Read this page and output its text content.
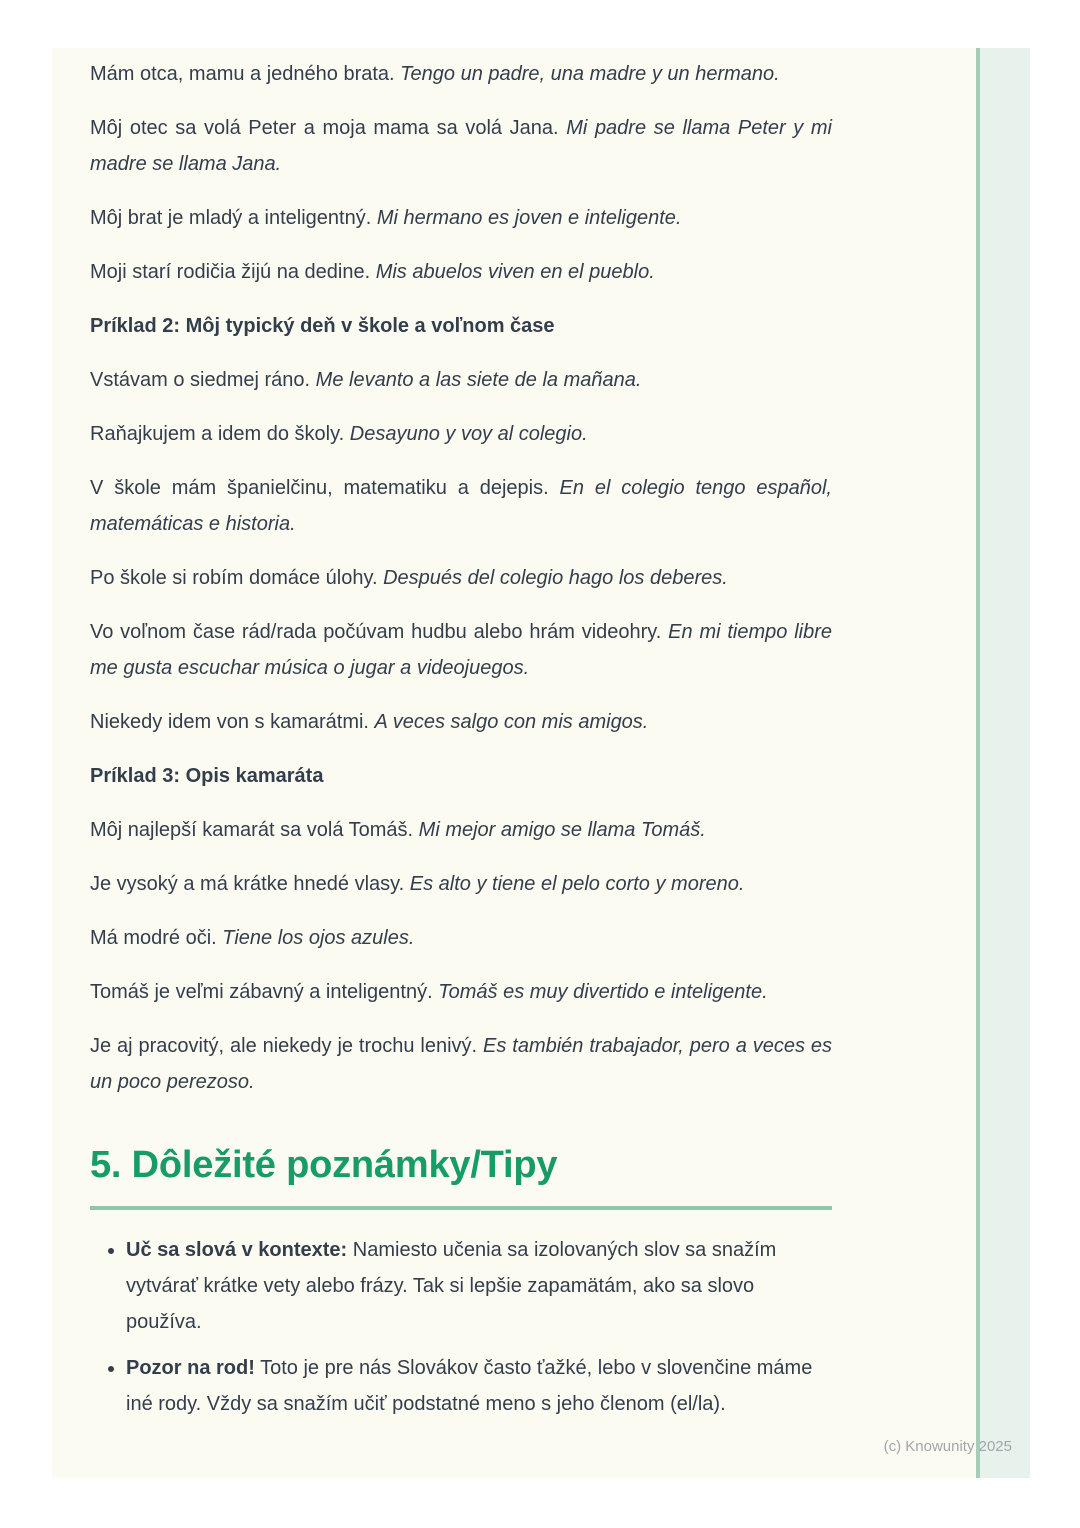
Mám otca, mamu a jedného brata. Tengo un padre, una madre y un hermano.

Môj otec sa volá Peter a moja mama sa volá Jana. Mi padre se llama Peter y mi madre se llama Jana.

Môj brat je mladý a inteligentný. Mi hermano es joven e inteligente.

Moji starí rodičia žijú na dedine. Mis abuelos viven en el pueblo.

Príklad 2: Môj typický deň v škole a voľnom čase

Vstávam o siedmej ráno. Me levanto a las siete de la mañana.

Raňajkujem a idem do školy. Desayuno y voy al colegio.

V škole mám španielčinu, matematiku a dejepis. En el colegio tengo español, matemáticas e historia.

Po škole si robím domáce úlohy. Después del colegio hago los deberes.

Vo voľnom čase rád/rada počúvam hudbu alebo hrám videohry. En mi tiempo libre me gusta escuchar música o jugar a videojuegos.

Niekedy idem von s kamarátmi. A veces salgo con mis amigos.

Príklad 3: Opis kamaráta

Môj najlepší kamarát sa volá Tomáš. Mi mejor amigo se llama Tomáš.

Je vysoký a má krátke hnedé vlasy. Es alto y tiene el pelo corto y moreno.

Má modré oči. Tiene los ojos azules.

Tomáš je veľmi zábavný a inteligentný. Tomáš es muy divertido e inteligente.

Je aj pracovitý, ale niekedy je trochu lenivý. Es también trabajador, pero a veces es un poco perezoso.

5. Dôležité poznámky/Tipy
• Uč sa slová v kontexte: Namiesto učenia sa izolovaných slov sa snažím vytvárať krátke vety alebo frázy. Tak si lepšie zapamätám, ako sa slovo používa.
• Pozor na rod! Toto je pre nás Slovákov často ťažké, lebo v slovenčine máme iné rody. Vždy sa snažím učiť podstatné meno s jeho členom (el/la).
(c) Knowunity 2025
